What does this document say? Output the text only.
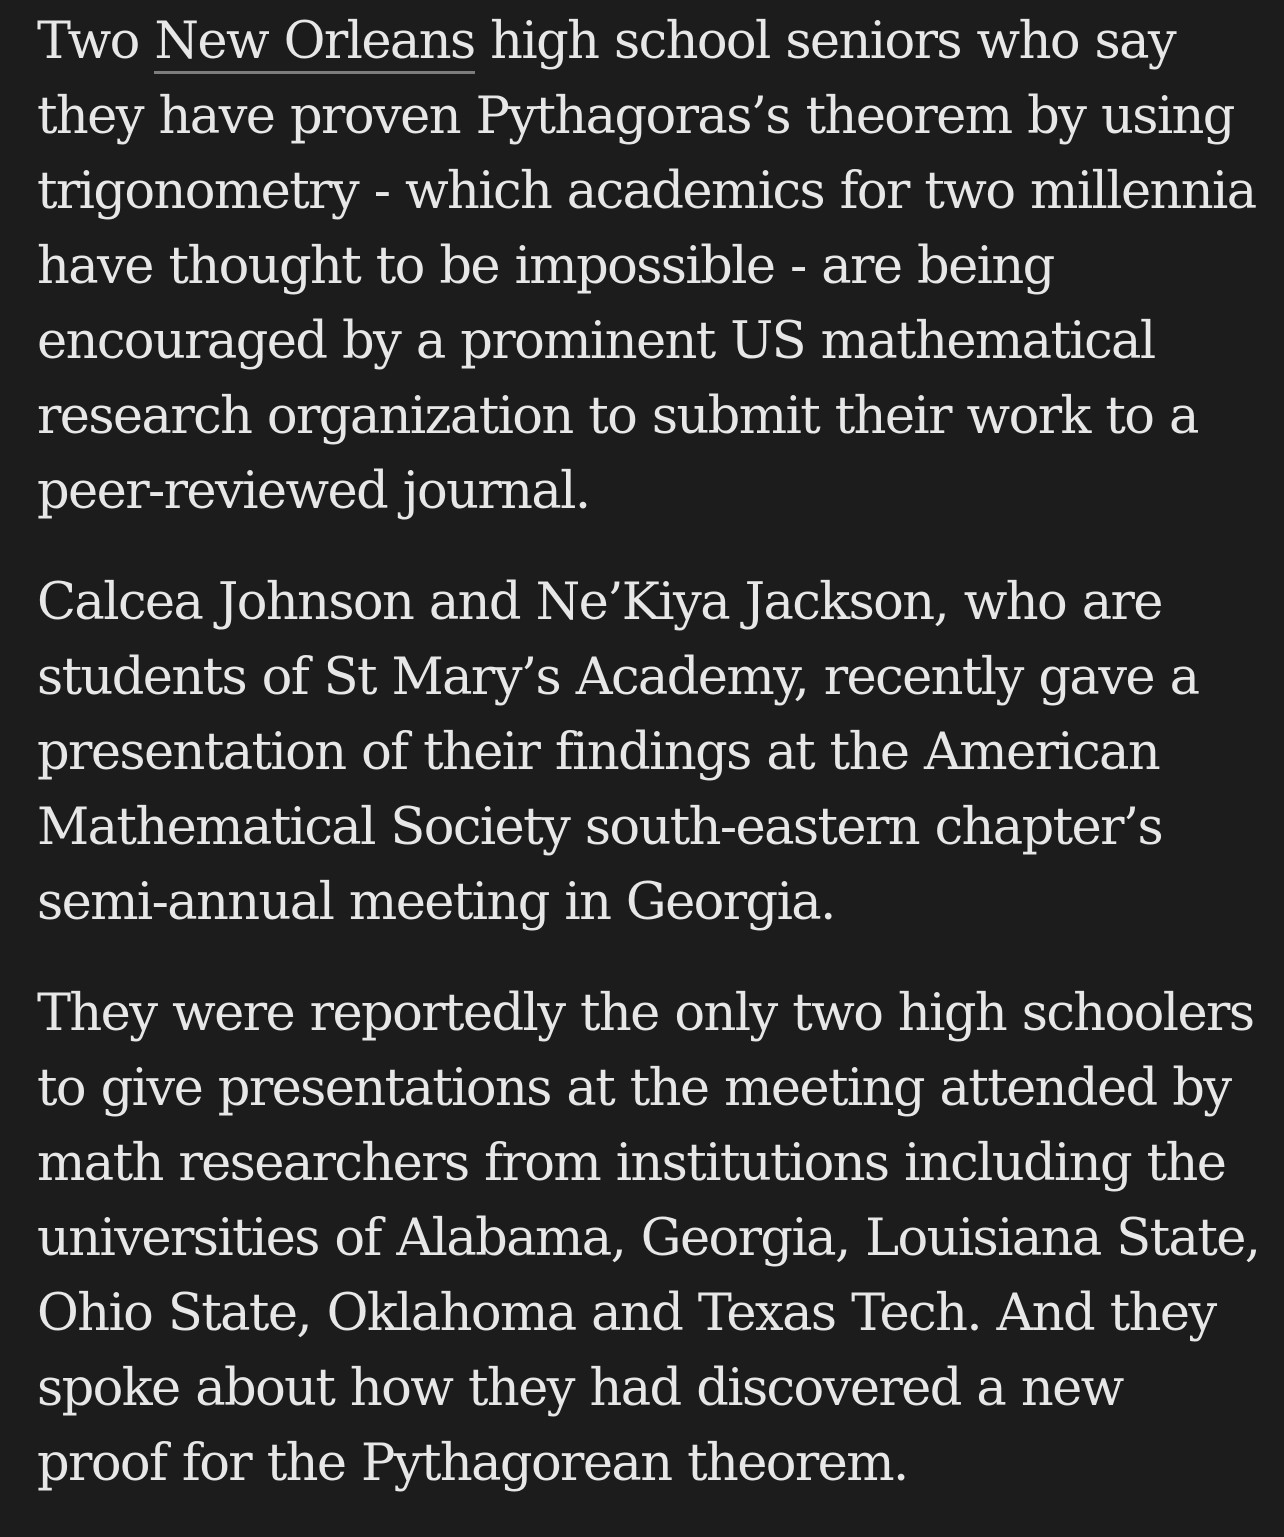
Two New Orleans high school seniors who say they have proven Pythagoras’s theorem by using trigonometry - which academics for two millennia have thought to be impossible - are being encouraged by a prominent US mathematical research organization to submit their work to a peer-reviewed journal.

Calcea Johnson and Ne’Kiya Jackson, who are students of St Mary’s Academy, recently gave a presentation of their findings at the American Mathematical Society south-eastern chapter’s semi-annual meeting in Georgia.

They were reportedly the only two high schoolers to give presentations at the meeting attended by math researchers from institutions including the universities of Alabama, Georgia, Louisiana State, Ohio State, Oklahoma and Texas Tech. And they spoke about how they had discovered a new proof for the Pythagorean theorem.
